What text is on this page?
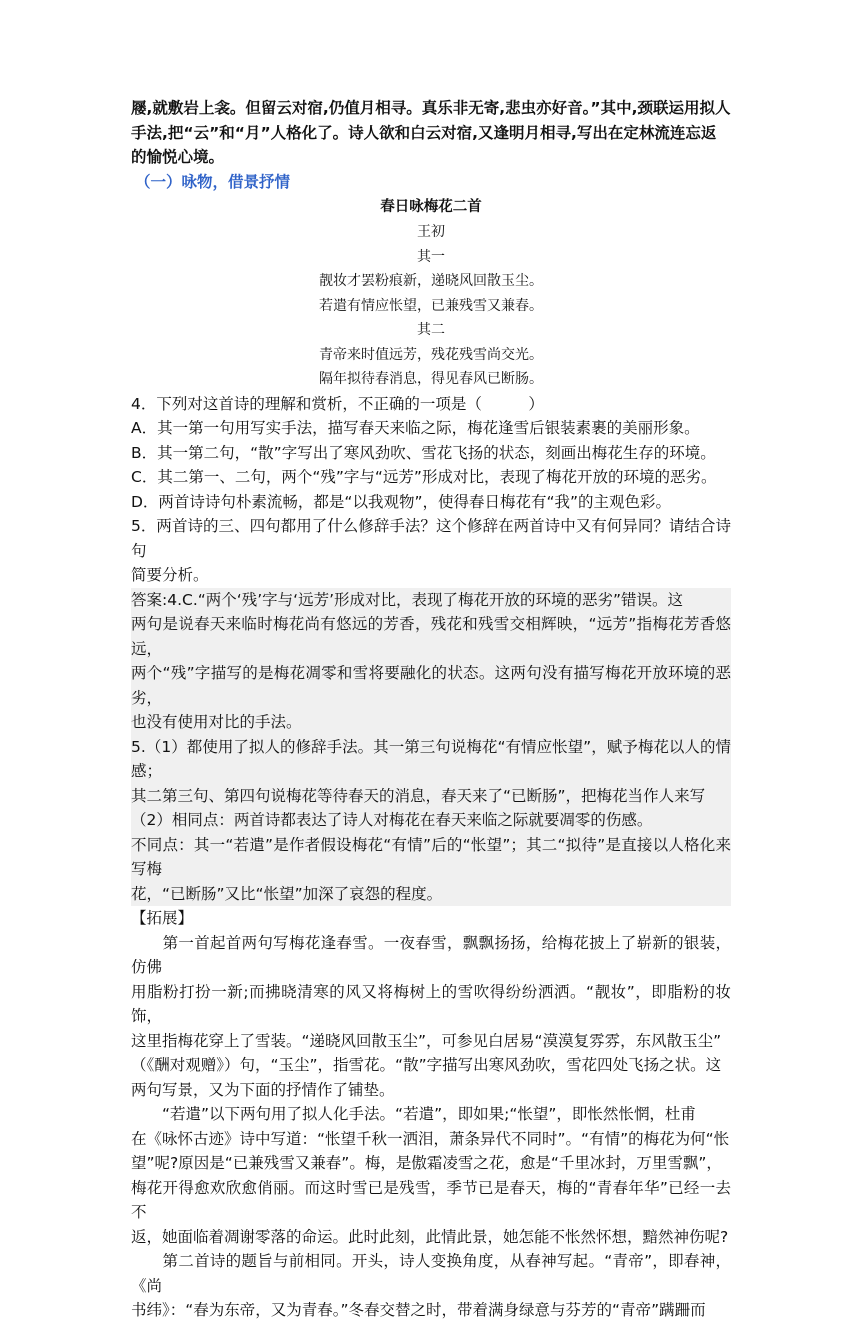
屦,就敷岩上衾。但留云对宿,仍值月相寻。真乐非无寄,悲虫亦好音。”其中,颈联运用拟人

手法,把“云”和“月”人格化了。诗人欲和白云对宿,又逢明月相寻,写出在定林流连忘返

的愉悦心境。

（一）咏物，借景抒情

春日咏梅花二首

王初

其一

靓妆才罢粉痕新，递晓风回散玉尘。

若遣有情应怅望，已兼残雪又兼春。

其二

青帝来时值远芳，残花残雪尚交光。

隔年拟待春消息，得见春风已断肠。

4．下列对这首诗的理解和赏析，不正确的一项是（　　　）

A．其一第一句用写实手法，描写春天来临之际，梅花逢雪后银装素裹的美丽形象。

B．其一第二句，“散”字写出了寒风劲吹、雪花飞扬的状态，刻画出梅花生存的环境。

C．其二第一、二句，两个“残”字与“远芳”形成对比，表现了梅花开放的环境的恶劣。

D．两首诗诗句朴素流畅，都是“以我观物”，使得春日梅花有“我”的主观色彩。

5．两首诗的三、四句都用了什么修辞手法？这个修辞在两首诗中又有何异同？请结合诗句

简要分析。

答案:4.C.“两个‘残’字与‘远芳’形成对比，表现了梅花开放的环境的恶劣”错误。这

两句是说春天来临时梅花尚有悠远的芳香，残花和残雪交相辉映，“远芳”指梅花芳香悠远，

两个“残”字描写的是梅花凋零和雪将要融化的状态。这两句没有描写梅花开放环境的恶劣，

也没有使用对比的手法。

5.（1）都使用了拟人的修辞手法。其一第三句说梅花“有情应怅望”，赋予梅花以人的情感；

其二第三句、第四句说梅花等待春天的消息，春天来了“已断肠”，把梅花当作人来写

（2）相同点：两首诗都表达了诗人对梅花在春天来临之际就要凋零的伤感。

不同点：其一“若遣”是作者假设梅花“有情”后的“怅望”；其二“拟待”是直接以人格化来写梅

花，“已断肠”又比“怅望”加深了哀怨的程度。

【拓展】

　　第一首起首两句写梅花逢春雪。一夜春雪，飘飘扬扬，给梅花披上了崭新的银装，仿佛

用脂粉打扮一新;而拂晓清寒的风又将梅树上的雪吹得纷纷洒洒。“靓妆”，即脂粉的妆饰，

这里指梅花穿上了雪装。“递晓风回散玉尘”，可参见白居易“漠漠复雰雰，东风散玉尘”

（《酬对观赠》）句，“玉尘”，指雪花。“散”字描写出寒风劲吹，雪花四处飞扬之状。这

两句写景，又为下面的抒情作了铺垫。

　　“若遣”以下两句用了拟人化手法。“若遣”，即如果;“怅望”，即怅然怅惘，杜甫

在《咏怀古迹》诗中写道：“怅望千秋一洒泪，萧条异代不同时”。“有情”的梅花为何“怅

望”呢?原因是“已兼残雪又兼春”。梅，是傲霜凌雪之花，愈是“千里冰封，万里雪飘”，

梅花开得愈欢欣愈俏丽。而这时雪已是残雪，季节已是春天，梅的“青春年华”已经一去不

返，她面临着凋谢零落的命运。此时此刻，此情此景，她怎能不怅然怀想，黯然神伤呢?

　　第二首诗的题旨与前相同。开头，诗人变换角度，从春神写起。“青帝”，即春神，《尚

书纬》：“春为东帝，又为青春。”冬春交替之时，带着满身绿意与芬芳的“青帝”蹒跚而
